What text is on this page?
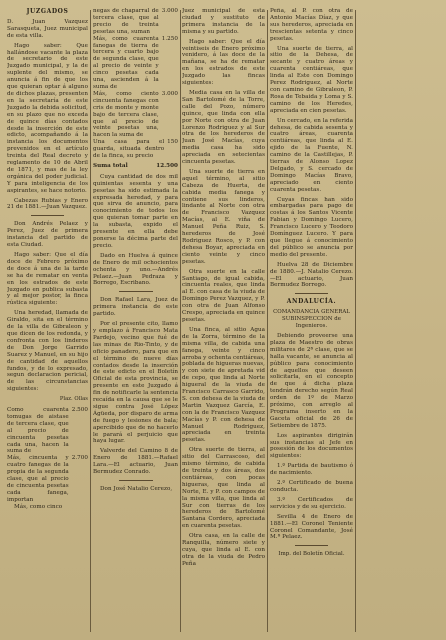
JUZGADOS

D. Juan Vazquez Sarasqueta, Juez municipal de esta villa.

Hago saber: Que hallándose vacante la plaza de secretario de este Juzgado municipal, y la de suplente del mismo, se anuncia á fin de que los que quieran optar á alguno de dichos plazas, presenten en la secretaría de este Juzgado la debida solicitud, en su plazo que no exceda de quince días contados desde la inserción de este edicto, acompañando á la instancia los documentos prevenidos en el artículo treinta del Real decreto y reglamento de 10 de Abril de 1871, y mas de la ley orgánica del poder judicial. Y para inteligencia de los aspirantes, se hace notorio.

Cabezas Rubias y Enero 21 de 1881.—Juan Vazquez.

Don Andrés Pelaez y Perez, Juez de primera instancia del partido de esta Ciudad.

Hago saber: Que el día doce de Febrero próximo de doce á una de la tarde se ha de rematar en venta en los estrados de este Juzgado en publica subasta y al mejor postor, la finca rústica siguiente:

Una heredad, llamada de Giraldo, sita en el término de la villa de Gibraleon y que dicen de los redonda, y confronta con los linderos de Don Jorge Garrido Suarez y Manuel, en su hijo de cantidad de aquellos fundos, y de lo expresado, segun declaracion pericial, de las circunstancias siguientes:

Plaz. Ollas
Como cuarenta tomugas de aistase de tercera clase, que al precio de cincuenta pesetas cada una, hacen la suma de
2.500
Más, cincuenta y cuatro fanegas de la propia de la segunda clase, que al precio de cincuenta pesetas cada fanega, importan
2.700

Más, como cinco

negas de chaparral de tercera clase, que al precio de treinta pesetas una, suman
3.000
Más, como cuarenta fanegas de tierra de tercera y cuarto bajo de segunda clase, que al precio de veinte y cinco pesetas cada una, ascienden á la suma de
1.250
Más, como ciento cincuenta fanegas con cris de monte y monte bajo de tercera clase, que al precio de veinte pesetas una, hacen la suma de
3.000
Una casa para el guarda, situada dentro de la finca, su precio
150
Suma total	12.500

Cuya cantidad de dos mil quinientas sesenta y una pesetas ha sido estimada la expresada heredad, y para que sirva de anuncio, para conocimiento de todos los que quieran tomar parte en la subasta, expido el presente en ella debe ponerse la décima parte del precio.

Dado en Huelva á quince de Enero de mil ochocientos ochenta y uno.—Andrés Pelaez.—Juan Pedraza y Borrego, Escribano.

Don Rafael Lara, Juez de primera instancia de este partido.

Por el presente cito, llamo y emplazo á Francisco Mata Pardejo, vecino que fué de las minas de Rio-Tinto, y de oficio panadero, para que en el término de nueve días contados desde la inserción de este edicto en el Boletín Oficial de esta provincia, se presente en este Juzgado á fin de notificarle la sentencia recaída en la causa que se le sigue contra José López Ágüeda, por disparo de arma de fuego y lesiones de bala; apercibido que de no hacerlo le parará el perjuicio que haya lugar.

Valverde del Camino 8 de Enero de 1881.—Rafael Lara.—El actuario, Juan Bermudez Conrado.

Don José Natalio Cerezo,

Juez municipal de esta ciudad y sustituto de primera instancia de la misma y su partido.

Hago saber: Que el día veintiseis de Enero próximo venidero, á las doce de la mañana, se ha de rematar en los estrados de este Juzgado las fincas siguientes:

Media casa en la villa de San Bartolomé de la Torre, calle del Pozo, número quince, que linda con ella por Norte con otra de Juan Lorenzo Rodriguez y al Sur otra de los herederos de Juan José Macías, cuya media casa ha sido apreciada en setecientas cincuenta pesetas.

Una suerte de tierra en aquel término, al sitio Cabeza de Huerta, de cabida media fanega y contiene sus linderos, lindante al Norte con otra de Francisco Vazquez Macías, al E. viña de Manuel Peña Ruiz, S. herederos de José Rodriguez Rosco, y P. con dehesa Boyar, apreciada en ciento veinte y cinco pesetas.

Otra suerte en la calle Santiago, de igual cabida, cincuenta reales, que linda al E. con casa de la viuda de Domingo Perez Vazquez, y P. con otra de Juan Alfonso Crespo, apreciada en quince pesetas.

Una finca, al sitio Agua de la Zorra, término de la misma villa, de cabida una fanega, veinte y cinco arroba y ochenta centiáreas, poblada de higueras nuevas, y con siete de apretada vid de cepo, que linda al Norte higueral de la viuda de Francisco Carrasco Garrido, S. con dehesa de la viuda de Martin Vazquez García, E. con la de Francisco Vazquez Macías y P. con dehesa de Manuel Rodriguez, apreciada en treinta pesetas.

Otra suerte de tierra, al sitio del Carrascoso, del mismo término, de cabida de treinta y dos áreas, dos centiáreas, con pocas higueras, que linda al Norte, E. y P. con campos de la misma villa, que linda al Sur con tierras de los herederos de Bartolomé Santana Cordero, apreciada en cuarenta pesetas.

Otra casa, en la calle de Ranquilla, número siete y cuya, que linda al E. con otra de la viuda de Pedro Peña

Peña, al P. con otra de Antonio Macías Díaz, y que sus herederos, apreciada en trescientas setenta y cinco pesetas.

Una suerte de tierra, al sitio de la Dehesa, de secante y cuatro áreas y cuarenta centiáreas, que linda al Este con Domingo Perez Rodriguez, al Norte con camino de Gibraleon, P. Rosa de Tebaida y Loma y S. camino de los Heredes, apreciada en cien pesetas.

Un cercado, en la referida dehesa, de cabida sesenta y cuatro áreas, cuarenta centiáreas, que linda al E. ejido de la Fuente, N. camino de la Castillejas, P. tierras de Alonso Lopez Delgado, y S. cercado de Domingo Macías Bravo, apreciado en ciento cuarenta pesetas.

Cuyas fincas han sido embargadas para pago de costas á los Santos Vicente Fabian y Domingo Lucero, Francisco Lucero y Teodoro Domínguez Lucero. Y para que llegue á conocimiento del público se anuncia por medio del presente.

Huelva 28 de Diciembre de 1880.—J. Natalio Cerezo.—El actuario, Juan Bermudez Borrego.

ANDALUCÍA.
COMANDANCIA GENERAL SUBINSPECCION de Ingenieros.

Debiendo proveerse una plaza de Maestro de obras militares de 2ª clase, que se halla vacante, se anuncia al público para conocimiento de aquellos que deseen solicitarla, en el concepto de que á dicha plaza tendrán derecho según Real orden de 1º de Marzo próximo, con arreglo al Programa inserto en la Gaceta oficial de 26 de Setiembre de 1875.

Los aspirantes dirigirán sus instancias al Jefe en posesión de los documentos siguientes:

1.º Partida de bautismo ó de nacimiento.

2.º Certificado de buena conducta.

3.º Certificados de servicios y de su ejercicio.

Sevilla 4 de Enero de 1881.—El Coronel Teniente Coronel Comandante, José M.ª Pelaez.

Imp. del Boletín Oficial.
